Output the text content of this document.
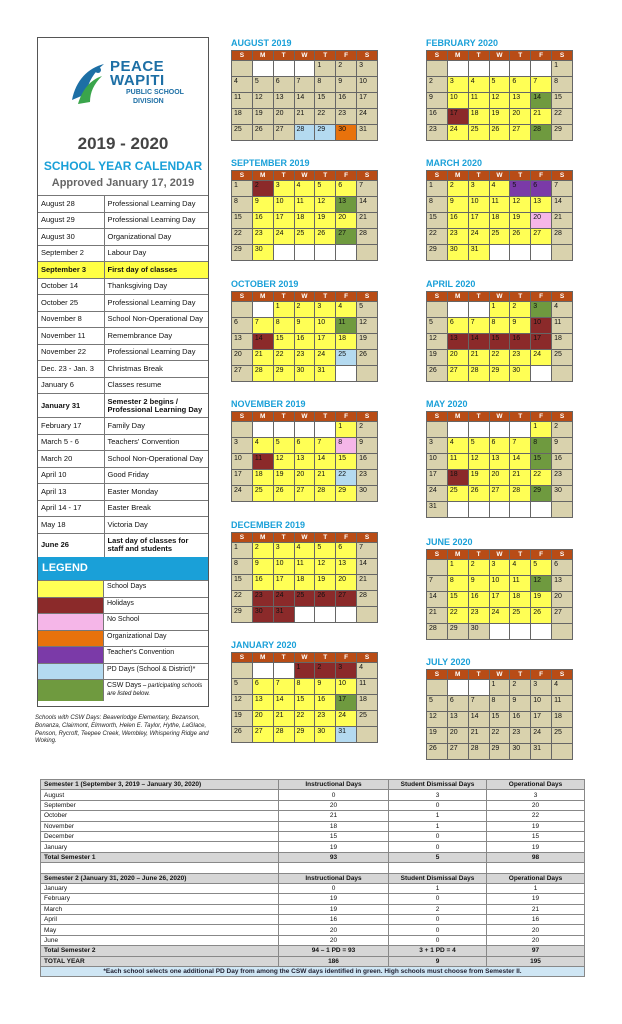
PEACE
WAPITI
PUBLIC SCHOOL
DIVISION
2019 - 2020
SCHOOL YEAR CALENDAR
Approved January 17, 2019
August 28	Professional Learning Day
August 29	Professional Learning Day
August 30	Organizational Day
September 2	Labour Day
September 3	First day of classes
October 14	Thanksgiving Day
October 25	Professional Learning Day
November 8	School Non-Operational Day
November 11	Remembrance Day
November 22	Professional Learning Day
Dec. 23 - Jan. 3	Christmas Break
January 6	Classes resume
January 31	Semester 2 begins / Professional Learning Day
February 17	Family Day
March 5 - 6	Teachers' Convention
March 20	School Non-Operational Day
April 10	Good Friday
April 13	Easter Monday
April 14 - 17	Easter Break
May 18	Victoria Day
June 26	Last day of classes for staff and students
LEGEND
School Days
Holidays
No School
Organizational Day
Teacher's Convention
PD Days (School & District)*
CSW Days – participating schools are listed below.
Schools with CSW Days: Beaverlodge Elementary, Bezanson, Bonanza, Clairmont, Elmworth, Helen E. Taylor, Hythe, LaGlace, Penson, Rycroft, Teepee Creek, Wembley, Whispering Ridge and Woking.
AUGUST 2019
S	M	T	W	T	F	S
				1	2	3
4	5	6	7	8	9	10
11	12	13	14	15	16	17
18	19	20	21	22	23	24
25	26	27	28	29	30	31
SEPTEMBER 2019
S	M	T	W	T	F	S
1	2	3	4	5	6	7
8	9	10	11	12	13	14
15	16	17	18	19	20	21
22	23	24	25	26	27	28
29	30					
OCTOBER 2019
S	M	T	W	T	F	S
		1	2	3	4	5
6	7	8	9	10	11	12
13	14	15	16	17	18	19
20	21	22	23	24	25	26
27	28	29	30	31		
NOVEMBER 2019
S	M	T	W	T	F	S
					1	2
3	4	5	6	7	8	9
10	11	12	13	14	15	16
17	18	19	20	21	22	23
24	25	26	27	28	29	30
DECEMBER 2019
S	M	T	W	T	F	S
1	2	3	4	5	6	7
8	9	10	11	12	13	14
15	16	17	18	19	20	21
22	23	24	25	26	27	28
29	30	31				
JANUARY 2020
S	M	T	W	T	F	S
			1	2	3	4
5	6	7	8	9	10	11
12	13	14	15	16	17	18
19	20	21	22	23	24	25
26	27	28	29	30	31	
FEBRUARY 2020
S	M	T	W	T	F	S
						1
2	3	4	5	6	7	8
9	10	11	12	13	14	15
16	17	18	19	20	21	22
23	24	25	26	27	28	29
MARCH 2020
S	M	T	W	T	F	S
1	2	3	4	5	6	7
8	9	10	11	12	13	14
15	16	17	18	19	20	21
22	23	24	25	26	27	28
29	30	31				
APRIL 2020
S	M	T	W	T	F	S
			1	2	3	4
5	6	7	8	9	10	11
12	13	14	15	16	17	18
19	20	21	22	23	24	25
26	27	28	29	30		
MAY 2020
S	M	T	W	T	F	S
					1	2
3	4	5	6	7	8	9
10	11	12	13	14	15	16
17	18	19	20	21	22	23
24	25	26	27	28	29	30
31						
JUNE 2020
S	M	T	W	T	F	S
	1	2	3	4	5	6
7	8	9	10	11	12	13
14	15	16	17	18	19	20
21	22	23	24	25	26	27
28	29	30				
JULY 2020
S	M	T	W	T	F	S
			1	2	3	4
5	6	7	8	9	10	11
12	13	14	15	16	17	18
19	20	21	22	23	24	25
26	27	28	29	30	31	
Semester 1 (September 3, 2019 – January 30, 2020)	Instructional Days	Student Dismissal Days	Operational Days
August	0	3	3
September	20	0	20
October	21	1	22
November	18	1	19
December	15	0	15
January	19	0	19
Total Semester 1	93	5	98

Semester 2 (January 31, 2020 – June 26, 2020)	Instructional Days	Student Dismissal Days	Operational Days
January	0	1	1
February	19	0	19
March	19	2	21
April	16	0	16
May	20	0	20
June	20	0	20
Total Semester 2	94 – 1 PD = 93	3 + 1 PD = 4	97
TOTAL YEAR	186	9	195
*Each school selects one additional PD Day from among the CSW days identified in green. High schools must choose from Semester II.			
